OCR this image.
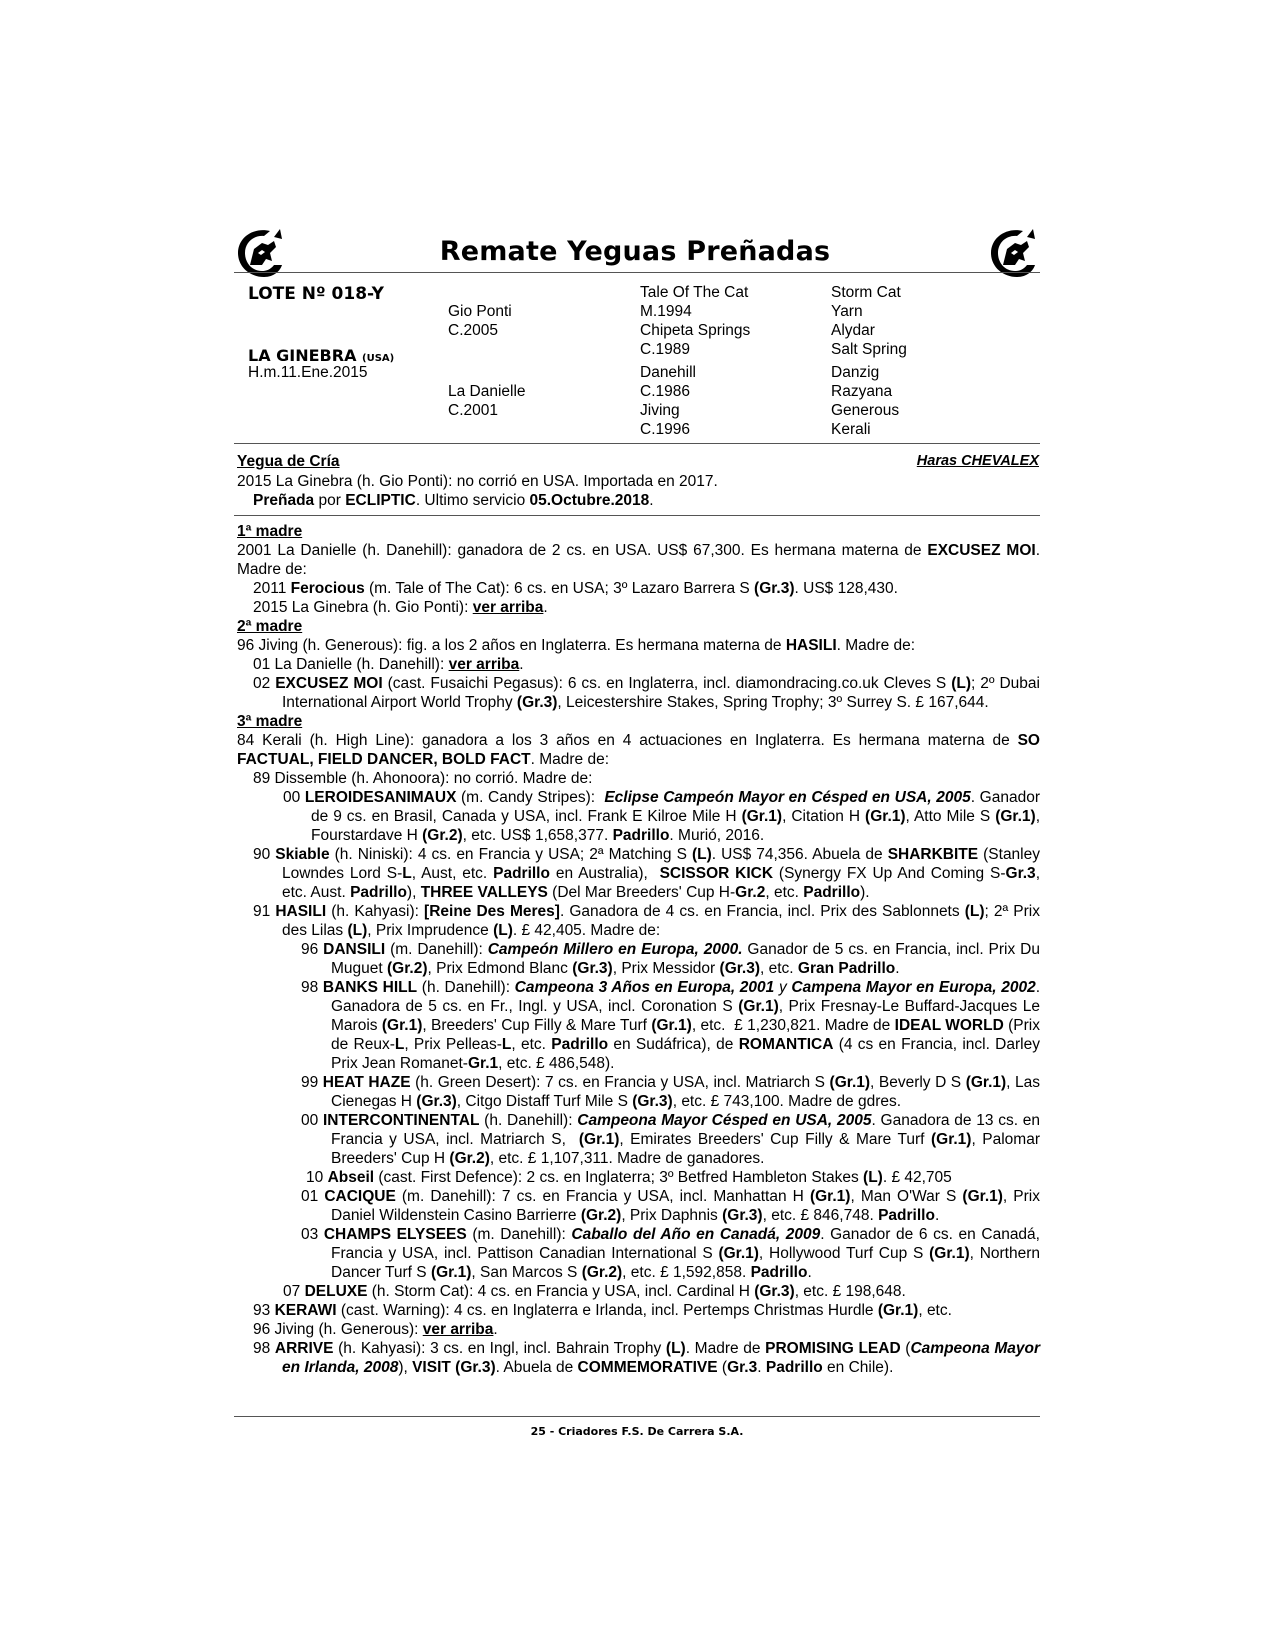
Remate Yeguas Preñadas
LOTE Nº 018-Y
LA GINEBRA (USA)
H.m.11.Ene.2015
Gio Ponti
C.2005
La Danielle
C.2001
Tale Of The Cat
M.1994
Chipeta Springs
C.1989
Danehill
C.1986
Jiving
C.1996
Storm Cat
Yarn
Alydar
Salt Spring
Danzig
Razyana
Generous
Kerali
Yegua de Cría	Haras CHEVALEX

2015 La Ginebra (h. Gio Ponti): no corrió en USA. Importada en 2017.

Preñada por ECLIPTIC. Ultimo servicio 05.Octubre.2018.

1ª madre

2001 La Danielle (h. Danehill): ganadora de 2 cs. en USA. US$ 67,300. Es hermana materna de EXCUSEZ MOI. Madre de:

2011 Ferocious (m. Tale of The Cat): 6 cs. en USA; 3º Lazaro Barrera S (Gr.3). US$ 128,430.

2015 La Ginebra (h. Gio Ponti): ver arriba.

2ª madre

96 Jiving (h. Generous): fig. a los 2 años en Inglaterra. Es hermana materna de HASILI. Madre de:

01 La Danielle (h. Danehill): ver arriba.

02 EXCUSEZ MOI (cast. Fusaichi Pegasus): 6 cs. en Inglaterra, incl. diamondracing.co.uk Cleves S (L); 2º Dubai International Airport World Trophy (Gr.3), Leicestershire Stakes, Spring Trophy; 3º Surrey S. £ 167,644.

3ª madre

84 Kerali (h. High Line): ganadora a los 3 años en 4 actuaciones en Inglaterra. Es hermana materna de SO FACTUAL, FIELD DANCER, BOLD FACT. Madre de:

89 Dissemble (h. Ahonoora): no corrió. Madre de:

00 LEROIDESANIMAUX (m. Candy Stripes):  Eclipse Campeón Mayor en Césped en USA, 2005. Ganador de 9 cs. en Brasil, Canada y USA, incl. Frank E Kilroe Mile H (Gr.1), Citation H (Gr.1), Atto Mile S (Gr.1), Fourstardave H (Gr.2), etc. US$ 1,658,377. Padrillo. Murió, 2016.

90 Skiable (h. Niniski): 4 cs. en Francia y USA; 2ª Matching S (L). US$ 74,356. Abuela de SHARKBITE (Stanley Lowndes Lord S-L, Aust, etc. Padrillo en Australia),  SCISSOR KICK (Synergy FX Up And Coming S-Gr.3, etc. Aust. Padrillo), THREE VALLEYS (Del Mar Breeders' Cup H-Gr.2, etc. Padrillo).

91 HASILI (h. Kahyasi): [Reine Des Meres]. Ganadora de 4 cs. en Francia, incl. Prix des Sablonnets (L); 2ª Prix des Lilas (L), Prix Imprudence (L). £ 42,405. Madre de:

96 DANSILI (m. Danehill): Campeón Millero en Europa, 2000. Ganador de 5 cs. en Francia, incl. Prix Du Muguet (Gr.2), Prix Edmond Blanc (Gr.3), Prix Messidor (Gr.3), etc. Gran Padrillo.

98 BANKS HILL (h. Danehill): Campeona 3 Años en Europa, 2001 y Campena Mayor en Europa, 2002. Ganadora de 5 cs. en Fr., Ingl. y USA, incl. Coronation S (Gr.1), Prix Fresnay-Le Buffard-Jacques Le Marois (Gr.1), Breeders' Cup Filly & Mare Turf (Gr.1), etc.  £ 1,230,821. Madre de IDEAL WORLD (Prix de Reux-L, Prix Pelleas-L, etc. Padrillo en Sudáfrica), de ROMANTICA (4 cs en Francia, incl. Darley Prix Jean Romanet-Gr.1, etc. £ 486,548).

99 HEAT HAZE (h. Green Desert): 7 cs. en Francia y USA, incl. Matriarch S (Gr.1), Beverly D S (Gr.1), Las Cienegas H (Gr.3), Citgo Distaff Turf Mile S (Gr.3), etc. £ 743,100. Madre de gdres.

00 INTERCONTINENTAL (h. Danehill): Campeona Mayor Césped en USA, 2005. Ganadora de 13 cs. en Francia y USA, incl. Matriarch S,  (Gr.1), Emirates Breeders' Cup Filly & Mare Turf (Gr.1), Palomar Breeders' Cup H (Gr.2), etc. £ 1,107,311. Madre de ganadores.

10 Abseil (cast. First Defence): 2 cs. en Inglaterra; 3º Betfred Hambleton Stakes (L). £ 42,705

01 CACIQUE (m. Danehill): 7 cs. en Francia y USA, incl. Manhattan H (Gr.1), Man O'War S (Gr.1), Prix Daniel Wildenstein Casino Barrierre (Gr.2), Prix Daphnis (Gr.3), etc. £ 846,748. Padrillo.

03 CHAMPS ELYSEES (m. Danehill): Caballo del Año en Canadá, 2009. Ganador de 6 cs. en Canadá, Francia y USA, incl. Pattison Canadian International S (Gr.1), Hollywood Turf Cup S (Gr.1), Northern Dancer Turf S (Gr.1), San Marcos S (Gr.2), etc. £ 1,592,858. Padrillo.

07 DELUXE (h. Storm Cat): 4 cs. en Francia y USA, incl. Cardinal H (Gr.3), etc. £ 198,648.

93 KERAWI (cast. Warning): 4 cs. en Inglaterra e Irlanda, incl. Pertemps Christmas Hurdle (Gr.1), etc.

96 Jiving (h. Generous): ver arriba.

98 ARRIVE (h. Kahyasi): 3 cs. en Ingl, incl. Bahrain Trophy (L). Madre de PROMISING LEAD (Campeona Mayor en Irlanda, 2008), VISIT (Gr.3). Abuela de COMMEMORATIVE (Gr.3. Padrillo en Chile).

25 - Criadores F.S. De Carrera S.A.
